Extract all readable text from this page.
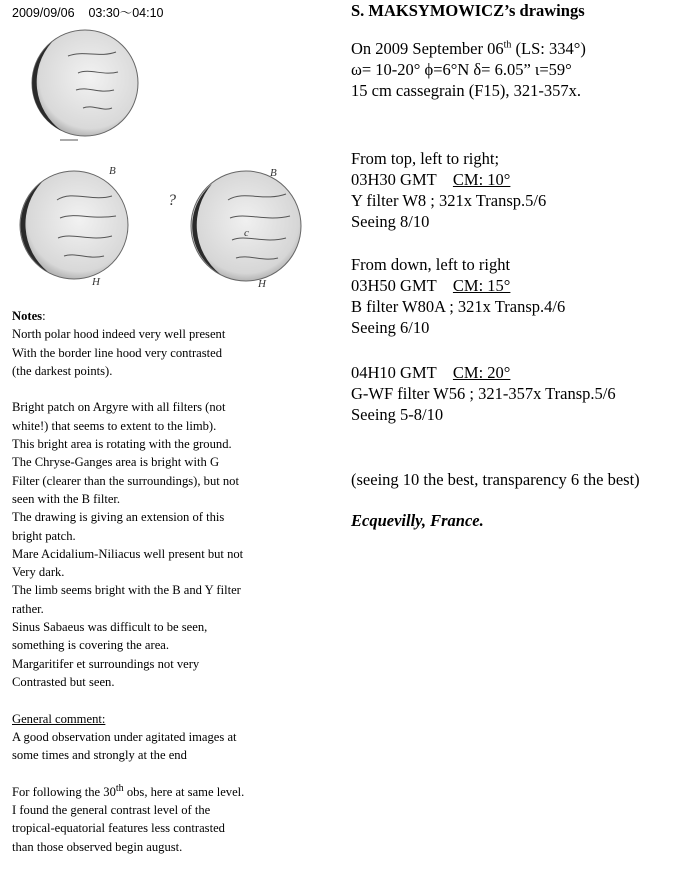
2009/09/06    03:30～04:10
B
H
?
B
c
H
Notes:
North polar hood indeed very well present
With the border line hood very contrasted
(the darkest points).
Bright patch on Argyre with all filters (not
white!) that seems to extent to the limb).
This bright area is rotating with the ground.
The Chryse-Ganges area is bright with G
Filter (clearer than the surroundings), but not
seen with the B filter.
The drawing is giving an extension of this
bright patch.
Mare Acidalium-Niliacus well present but not
Very dark.
The limb seems bright with the B and Y filter
rather.
Sinus Sabaeus was difficult to be seen,
something is covering the area.
Margaritifer et surroundings not very
Contrasted but seen.
General comment:
A good observation under agitated images at
some times and strongly at the end
For following the 30th obs, here at same level.
I found the general contrast level of the
tropical-equatorial features less contrasted
than those observed begin august.
S. MAKSYMOWICZ’s drawings
On 2009 September 06th (LS: 334°)
ω= 10-20° ϕ=6°N δ= 6.05” ι=59°
15 cm cassegrain (F15), 321-357x.
From top, left to right;
03H30 GMT    CM: 10°
Y filter W8 ; 321x Transp.5/6
Seeing 8/10
From down, left to right
03H50 GMT    CM: 15°
B filter W80A ; 321x Transp.4/6
Seeing 6/10
04H10 GMT    CM: 20°
G-WF filter W56 ; 321-357x Transp.5/6
Seeing 5-8/10
(seeing 10 the best, transparency 6 the best)
Ecquevilly, France.
